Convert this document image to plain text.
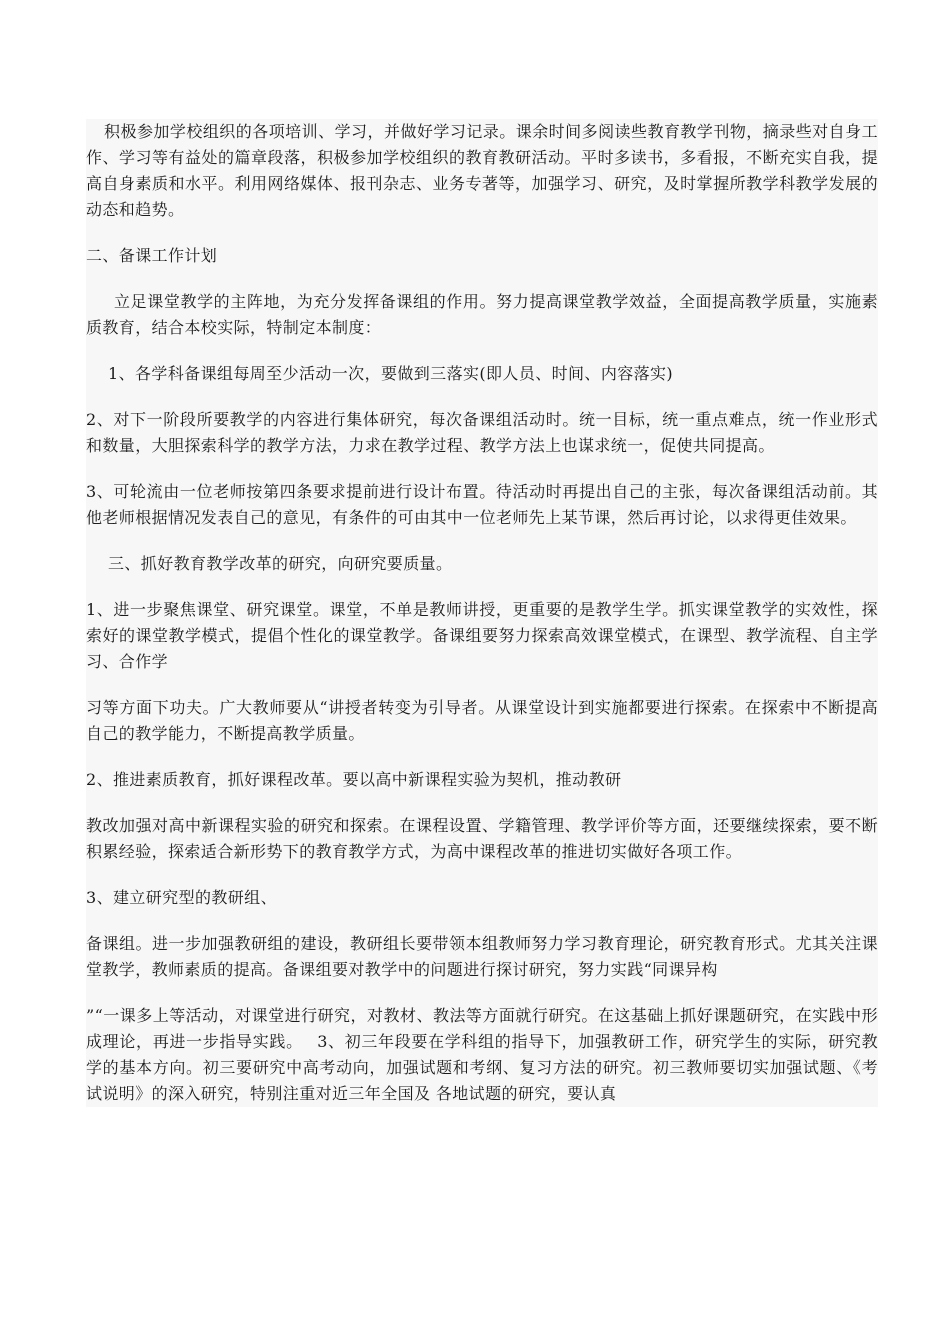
积极参加学校组织的各项培训、学习，并做好学习记录。课余时间多阅读些教育教学刊物，摘录些对自身工作、学习等有益处的篇章段落，积极参加学校组织的教育教研活动。平时多读书，多看报，不断充实自我，提高自身素质和水平。利用网络媒体、报刊杂志、业务专著等，加强学习、研究，及时掌握所教学科教学发展的动态和趋势。

二、备课工作计划

立足课堂教学的主阵地，为充分发挥备课组的作用。努力提高课堂教学效益，全面提高教学质量，实施素质教育，结合本校实际，特制定本制度：

1、各学科备课组每周至少活动一次，要做到三落实(即人员、时间、内容落实)

2、对下一阶段所要教学的内容进行集体研究，每次备课组活动时。统一目标，统一重点难点，统一作业形式和数量，大胆探索科学的教学方法，力求在教学过程、教学方法上也谋求统一，促使共同提高。

3、可轮流由一位老师按第四条要求提前进行设计布置。待活动时再提出自己的主张，每次备课组活动前。其他老师根据情况发表自己的意见，有条件的可由其中一位老师先上某节课，然后再讨论，以求得更佳效果。

三、抓好教育教学改革的研究，向研究要质量。

1、进一步聚焦课堂、研究课堂。课堂，不单是教师讲授，更重要的是教学生学。抓实课堂教学的实效性，探索好的课堂教学模式，提倡个性化的课堂教学。备课组要努力探索高效课堂模式，在课型、教学流程、自主学习、合作学

习等方面下功夫。广大教师要从“讲授者转变为引导者。从课堂设计到实施都要进行探索。在探索中不断提高自己的教学能力，不断提高教学质量。

2、推进素质教育，抓好课程改革。要以高中新课程实验为契机，推动教研

教改加强对高中新课程实验的研究和探索。在课程设置、学籍管理、教学评价等方面，还要继续探索，要不断积累经验，探索适合新形势下的教育教学方式，为高中课程改革的推进切实做好各项工作。

3、建立研究型的教研组、

备课组。进一步加强教研组的建设，教研组长要带领本组教师努力学习教育理论，研究教育形式。尤其关注课堂教学，教师素质的提高。备课组要对教学中的问题进行探讨研究，努力实践“同课异构

”“一课多上等活动，对课堂进行研究，对教材、教法等方面就行研究。在这基础上抓好课题研究，在实践中形成理论，再进一步指导实践。　 3、初三年段要在学科组的指导下，加强教研工作，研究学生的实际，研究教学的基本方向。初三要研究中高考动向，加强试题和考纲、复习方法的研究。初三教师要切实加强试题、《考试说明》的深入研究，特别注重对近三年全国及 各地试题的研究，要认真
